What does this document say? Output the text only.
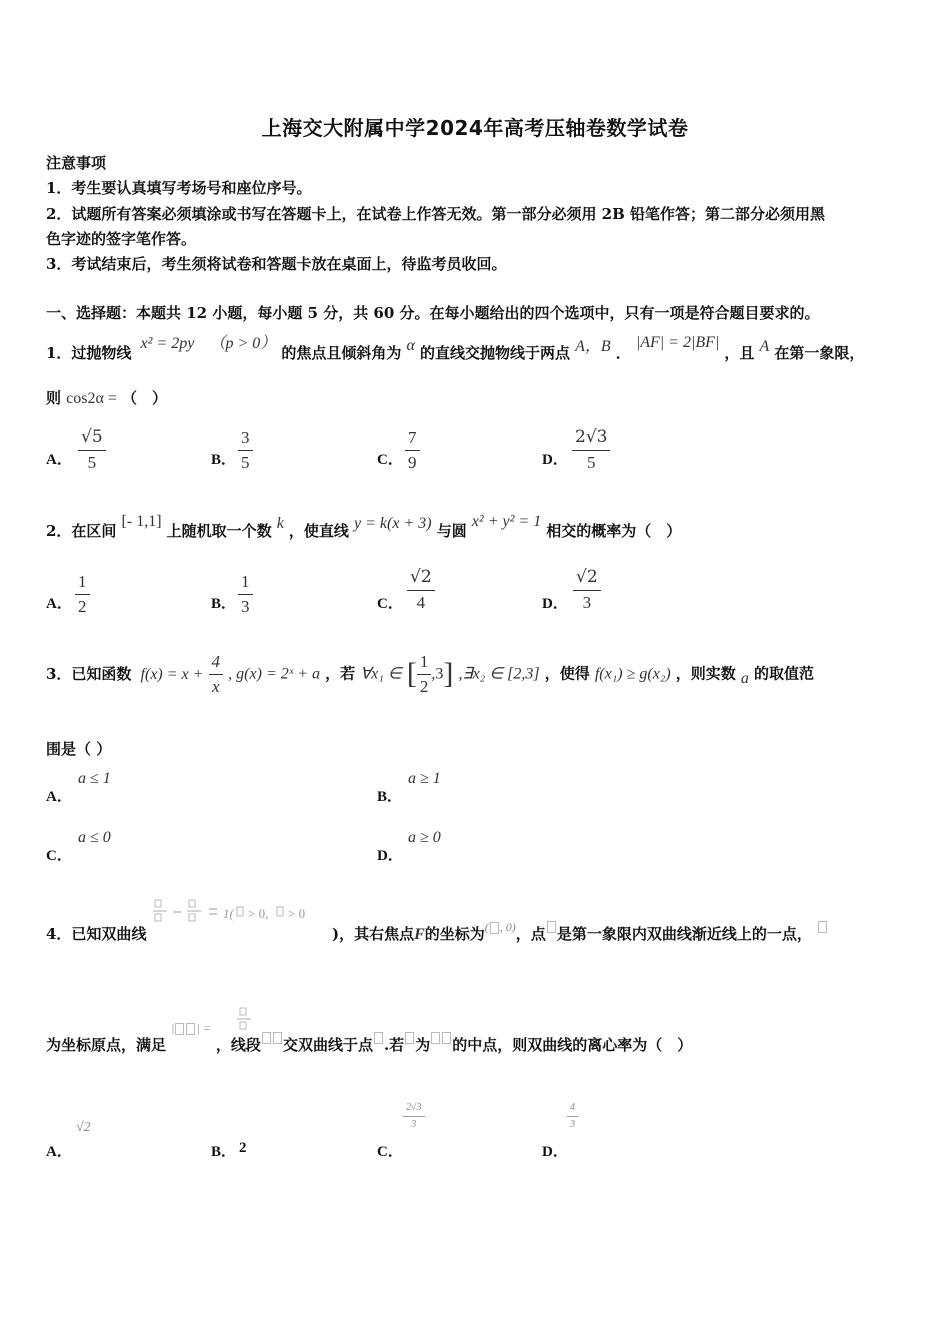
上海交大附属中学2024年高考压轴卷数学试卷
注意事项
1．考生要认真填写考场号和座位序号。
2．试题所有答案必须填涂或书写在答题卡上，在试卷上作答无效。第一部分必须用 2B 铅笔作答；第二部分必须用黑
色字迹的签字笔作答。
3．考试结束后，考生须将试卷和答题卡放在桌面上，待监考员收回。
一、选择题：本题共 12 小题，每小题 5 分，共 60 分。在每小题给出的四个选项中，只有一项是符合题目要求的。
1．过抛物线 x² = 2py （p > 0） 的焦点且倾斜角为 α 的直线交抛物线于两点 A，B ． |AF| = 2|BF| ，且 A 在第一象限，
则 cos2α = （　）
A． $\frac{√5}{5}$	B． $\frac{3}{5}$	C． $\frac{7}{9}$	D． $\frac{2√3}{5}$
2．在区间 [- 1,1] 上随机取一个数 k ，使直线 y = k(x + 3) 与圆 x² + y² = 1 相交的概率为（　）
A． $\frac{1}{2}$	B． $\frac{1}{3}$	C． $\frac{√2}{4}$	D． $\frac{√2}{3}$
3．已知函数 $f(x) = x + \frac{4}{x}$ , g(x) = 2ˣ + a ，若 ∀x₁ ∈ [ $\frac{1}{2} ,3$] ,∃x₂ ∈ [2,3] ，使得 f(x₁) ≥ g(x₂) ，则实数 a 的取值范
围是（ ）
A．
a ≤ 1
B．
a ≥ 1
C．
a ≤ 0
D．
a ≥ 0
4．已知双曲线
1( > 0, > 0
)，其右焦点F的坐标为$^{( , 0)}$，点 是第一象限内双曲线渐近线上的一点，
为坐标原点，满足 | | = ，线段 交双曲线于点 .若 为 的中点，则双曲线的离心率为（　）
A．
√2
B． 2	C．
$\frac{2√3}{3}$
D．
$\frac{4}{3}$
